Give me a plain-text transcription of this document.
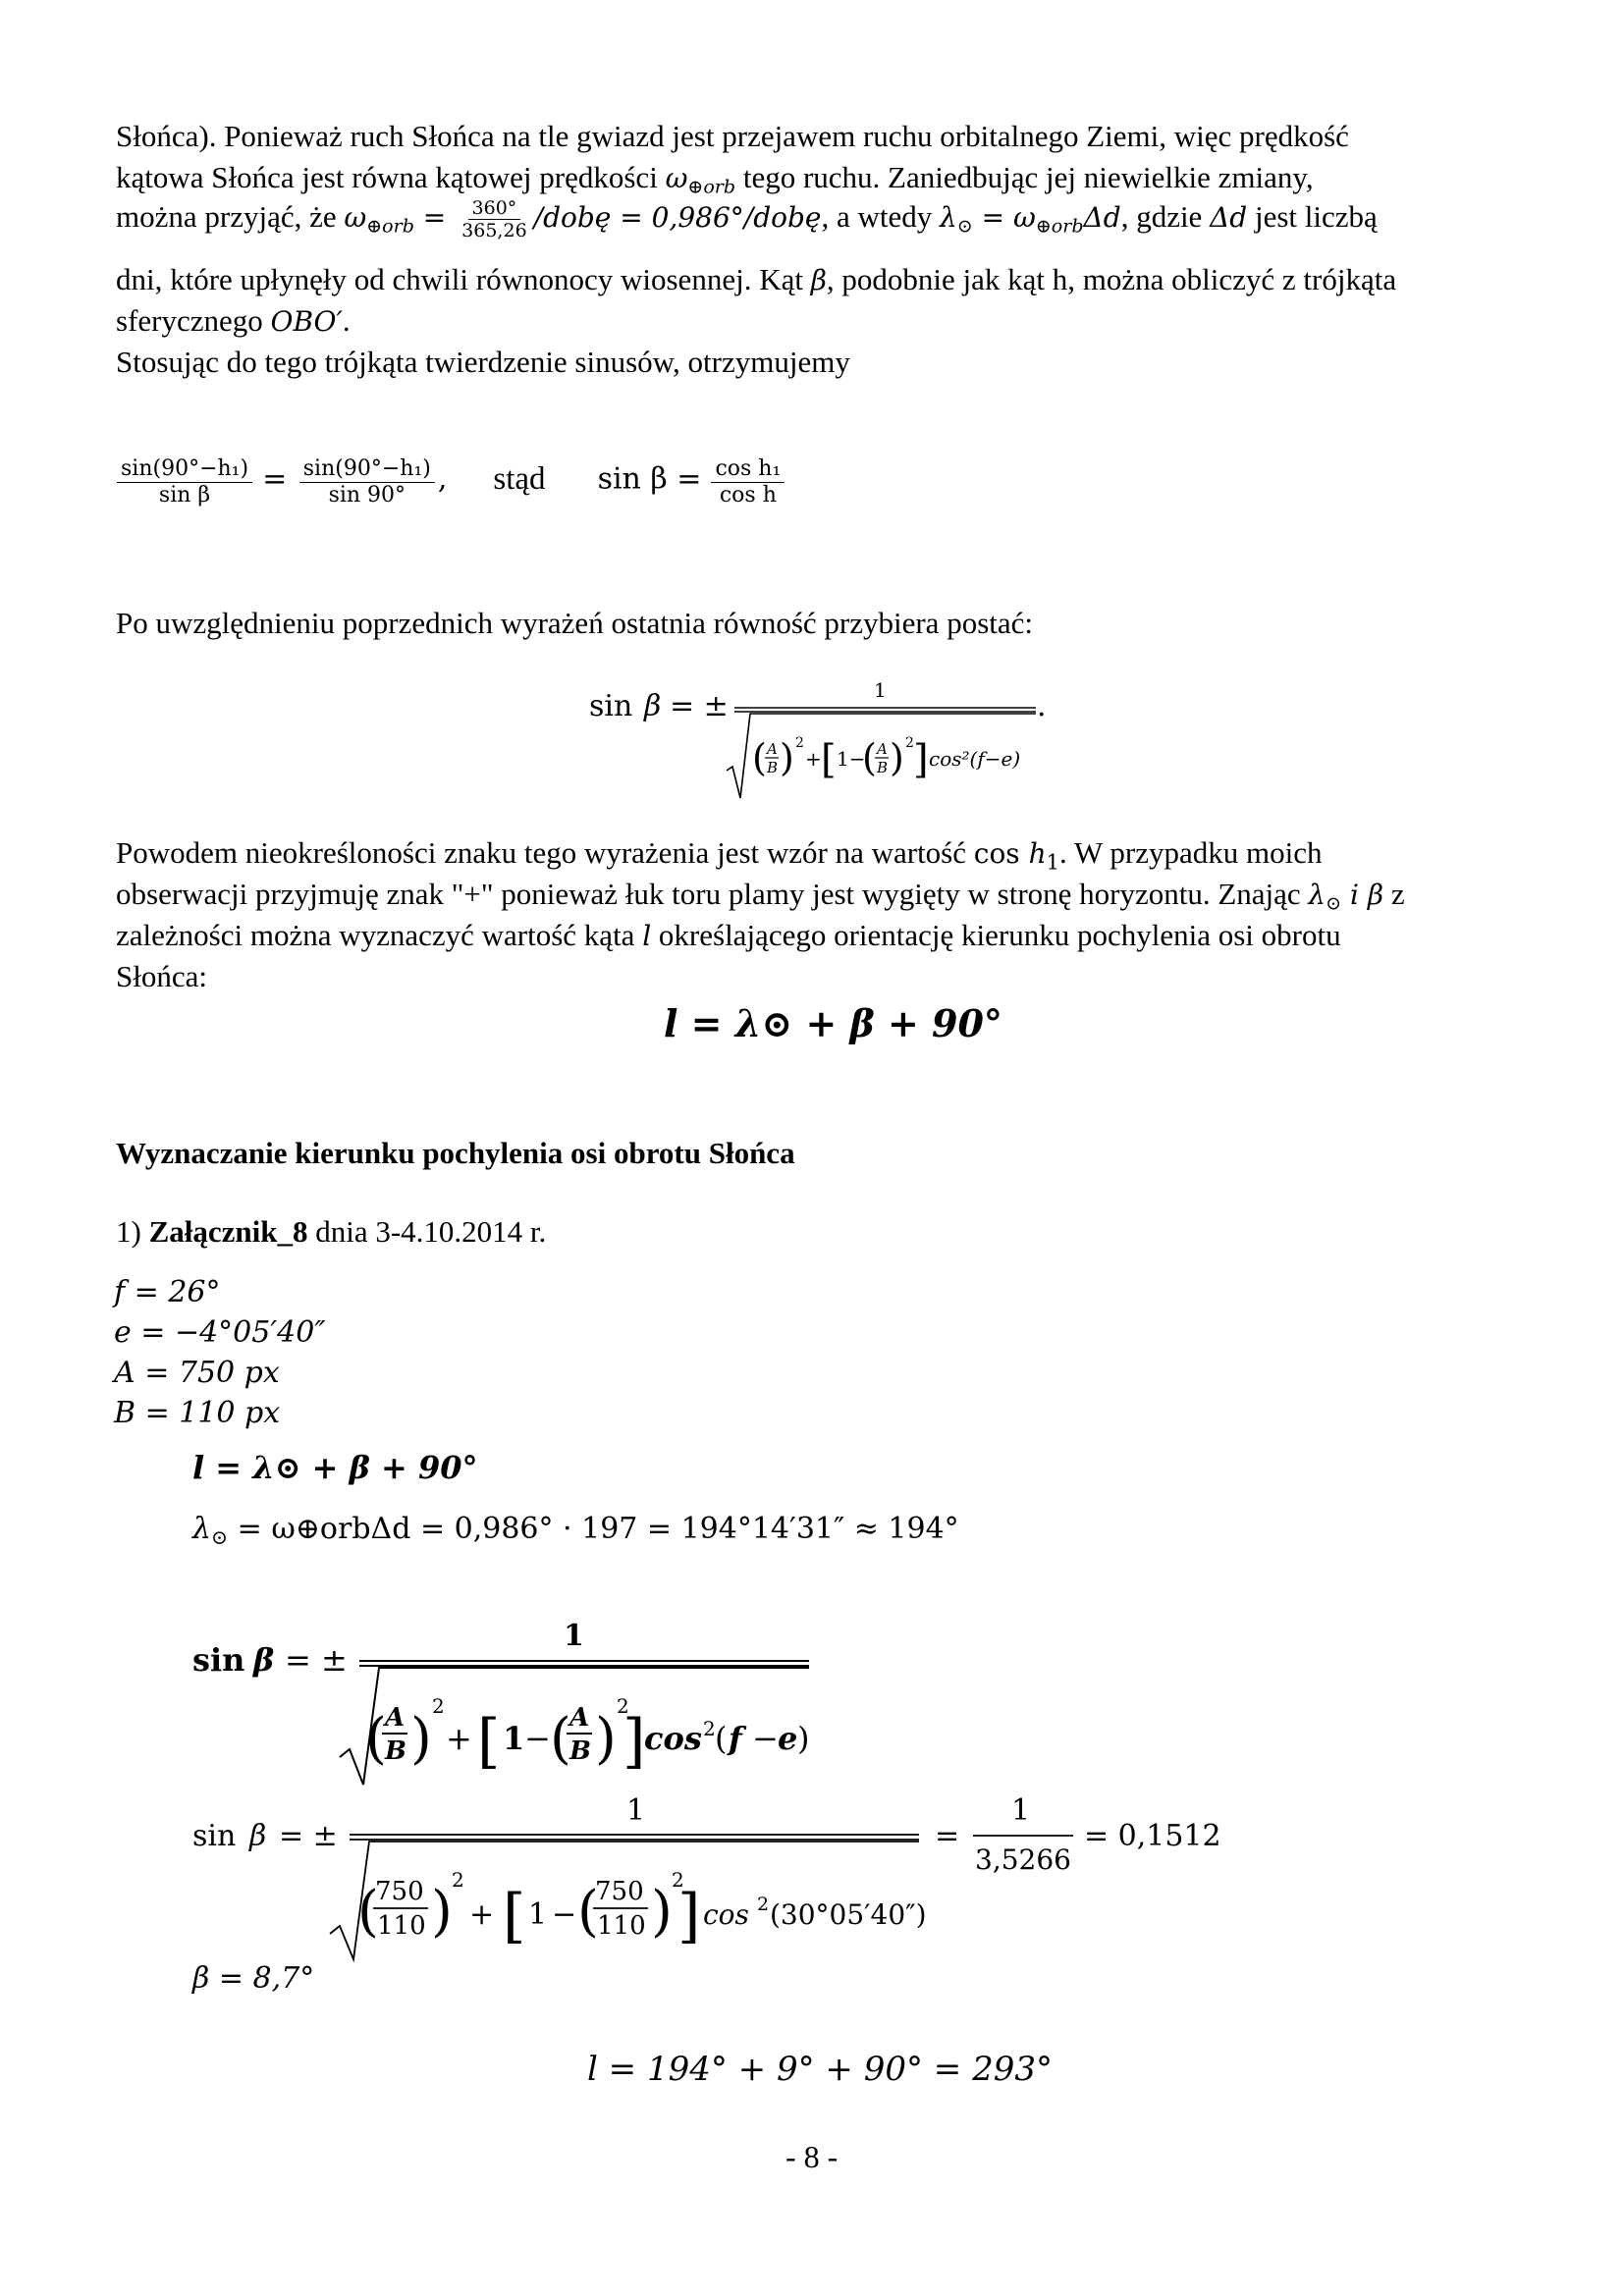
Słońca). Ponieważ ruch Słońca na tle gwiazd jest przejawem ruchu orbitalnego Ziemi, więc prędkość
kątowa Słońca jest równa kątowej prędkości $\omega_{\oplus orb}$ tego ruchu. Zaniedbując jej niewielkie zmiany,
można przyjąć, że $\omega_{\oplus orb} = \frac{360^\circ}{365,26}$ /dobę = 0,986°/dobę, a wtedy $\lambda_⊙ = \omega_{\oplus orb}\Delta d$, gdzie Δd jest liczbą
dni, które upłynęły od chwili równonocy wiosennej. Kąt β, podobnie jak kąt h, można obliczyć z trójkąta
sferycznego OBO′.
Stosując do tego trójkąta twierdzenie sinusów, otrzymujemy
$\frac{\text{sin(90°−h₁)}}{\text{sin β}} = \frac{\text{sin(90°−h₁)}}{\sin 90^\circ}$ , stąd $\sin \beta = \frac{\text{cos h₁}}{\text{cos h}}$
Po uwzględnieniu poprzednich wyrażeń ostatnia równość przybiera postać:
sin β = ±	1	.
( A
B ) 2
+ [ 1−
( A
B ) 2 ] cos²(f−e)
Powodem nieokreśloności znaku tego wyrażenia jest wzór na wartość $\cos h_1$. W przypadku moich
obserwacji przyjmuję znak "+" ponieważ łuk toru plamy jest wygięty w stronę horyzontu. Znając $\lambda_⊙$ i β z
zależności można wyznaczyć wartość kąta l określającego orientację kierunku pochylenia osi obrotu
Słońca:
l = λ⊙ + β + 90°
Wyznaczanie kierunku pochylenia osi obrotu Słońca
1) Załącznik_8 dnia 3-4.10.2014 r.
f = 26°
e = −4°05′40″
A = 750 px
B = 110 px
l = λ⊙ + β + 90°
$\lambda_⊙$ = ω⊕orbΔd = 0,986° · 197 = 194°14′31″ ≈ 194°
sin β = ±
1
(
A
B )
2
+ [ 1 − (
A
B )
2
]
cos 2 ( f − e )
sin β = ±
1
(
750
110 ) 2
+ [ 1 − (
750
110 ) 2
] cos 2 (30°05′40″)
=
1
3,5266
= 0,1512
β = 8,7°
l = 194° + 9° + 90° = 293°
- 8 -
